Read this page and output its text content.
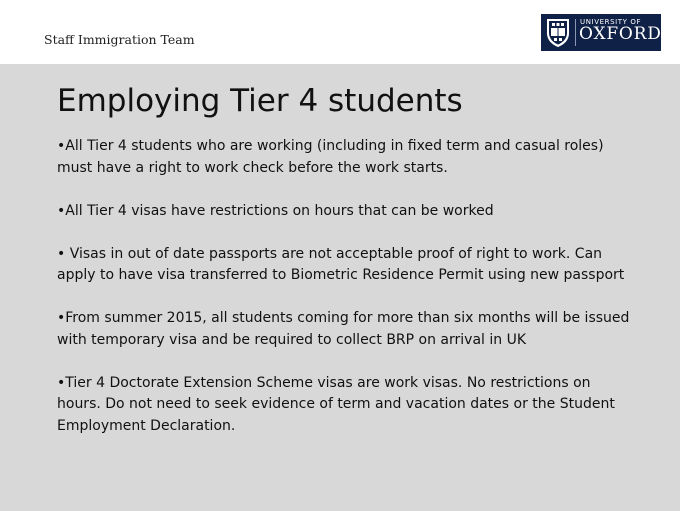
Staff Immigration Team
UNIVERSITY OF
OXFORD
Employing Tier 4 students
•All Tier 4 students who are working (including in fixed term and casual roles) must have a right to work check before the work starts.
•All Tier 4 visas have restrictions on hours that can be worked
• Visas in out of date passports are not acceptable proof of right to work. Can apply to have visa transferred to Biometric Residence Permit using new passport
•From summer 2015, all students coming for more than six months will be issued with temporary visa and be required to collect BRP on arrival in UK
•Tier 4 Doctorate Extension Scheme visas are work visas. No restrictions on hours. Do not need to seek evidence of term and vacation dates or the Student Employment Declaration.
